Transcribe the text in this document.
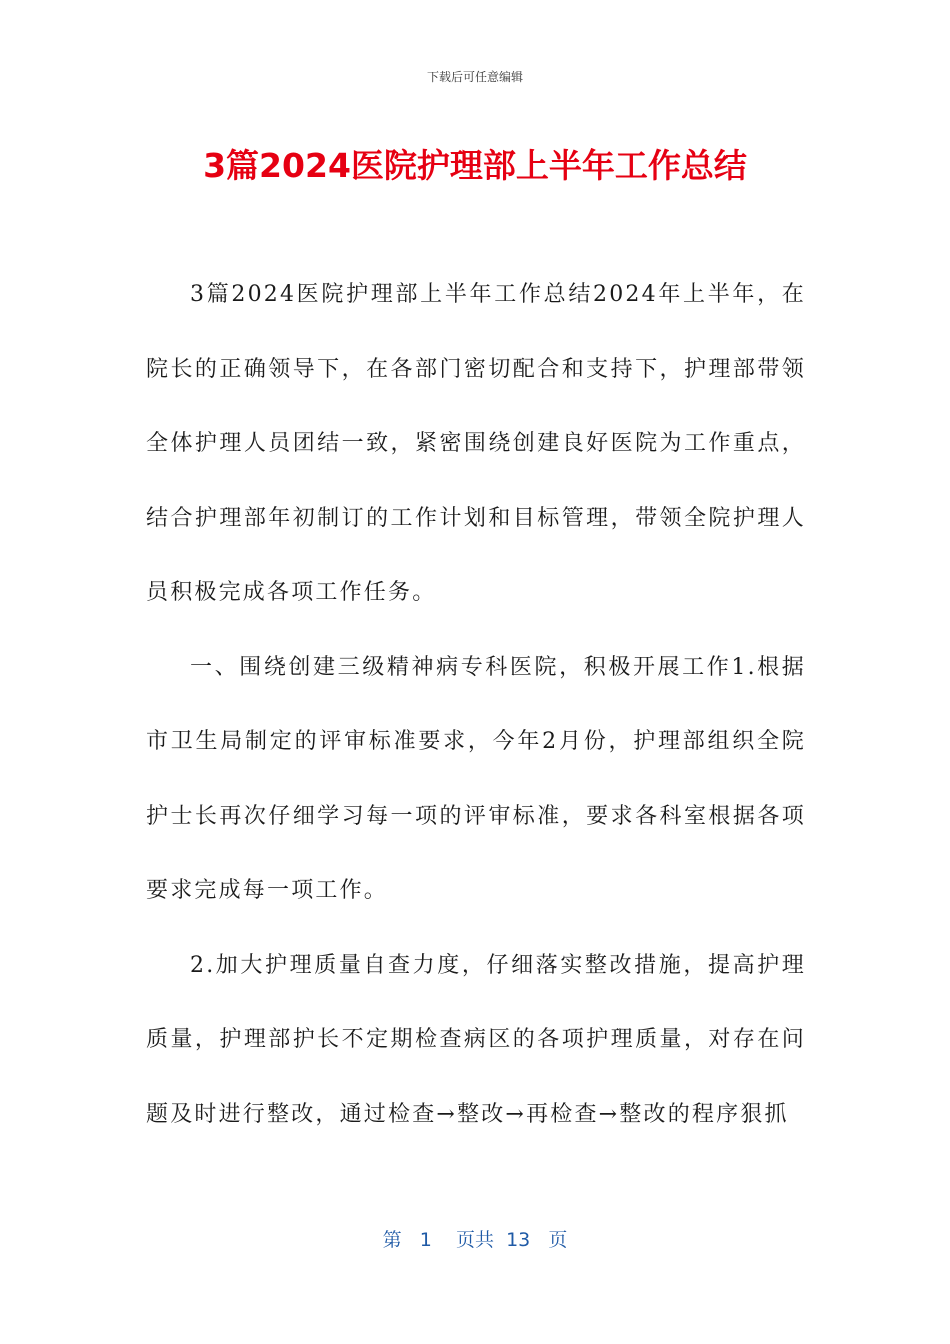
下载后可任意编辑
3篇2024医院护理部上半年工作总结

3篇2024医院护理部上半年工作总结2024年上半年，在院长的正确领导下，在各部门密切配合和支持下，护理部带领全体护理人员团结一致，紧密围绕创建良好医院为工作重点，结合护理部年初制订的工作计划和目标管理，带领全院护理人员积极完成各项工作任务。

一、围绕创建三级精神病专科医院，积极开展工作1.根据市卫生局制定的评审标准要求，今年2月份，护理部组织全院护士长再次仔细学习每一项的评审标准，要求各科室根据各项要求完成每一项工作。

2.加大护理质量自查力度，仔细落实整改措施，提高护理质量，护理部护长不定期检查病区的各项护理质量，对存在问题及时进行整改，通过检查→整改→再检查→整改的程序狠抓

第 1 页共 13 页
